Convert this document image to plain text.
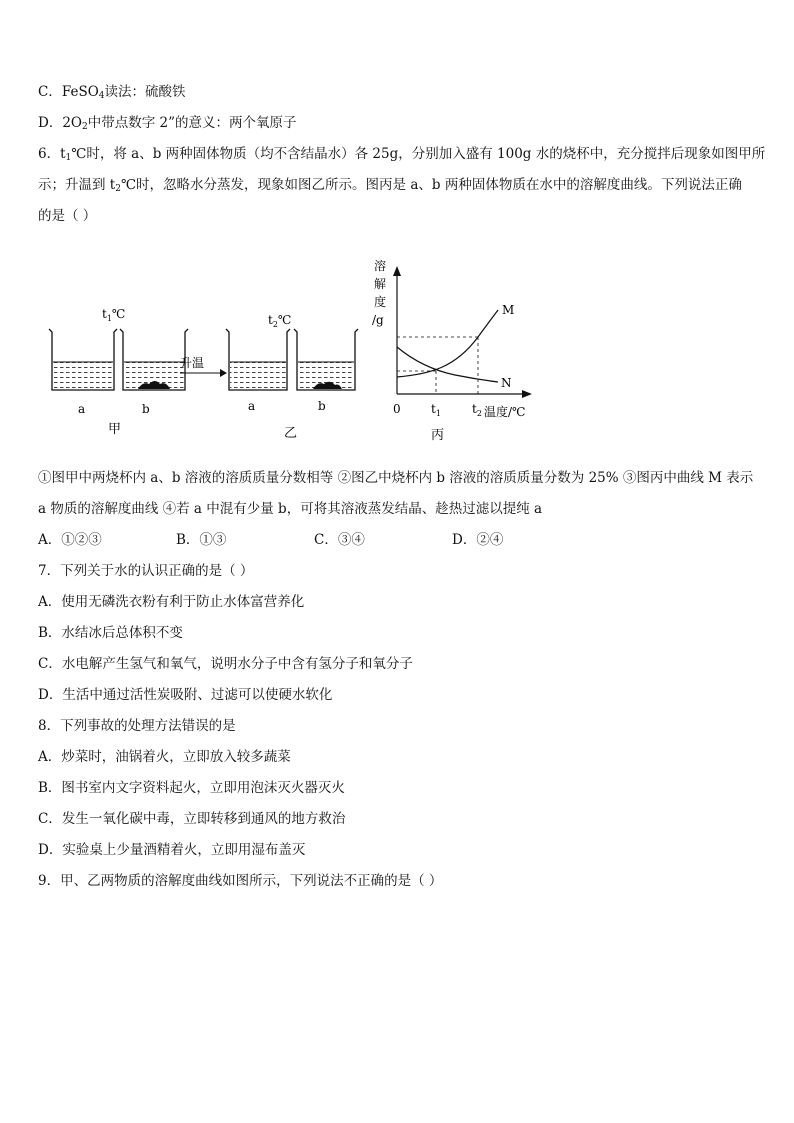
C．FeSO$_4$读法：硫酸铁
D．$2O_2$中带点数字 2”的意义：两个氧原子
6．$t_1℃$时，将 a、b 两种固体物质（均不含结晶水）各 25g，分别加入盛有 100g 水的烧杯中，充分搅拌后现象如图甲所
示；升温到 $t_2℃$时，忽略水分蒸发，现象如图乙所示。图丙是 a、b 两种固体物质在水中的溶解度曲线。下列说法正确
的是（ ）
$t_1℃$
a	b
甲
升温
$t_2℃$
a	b
乙
溶
解
度
/g
M
N
0	$t_1$	$t_2$ 温度/℃
丙
①图甲中两烧杯内 a、b 溶液的溶质质量分数相等 ②图乙中烧杯内 b 溶液的溶质质量分数为 25% ③图丙中曲线 M 表示
a 物质的溶解度曲线 ④若 a 中混有少量 b，可将其溶液蒸发结晶、趁热过滤以提纯 a
A．①②③	B．①③	C．③④	D．②④
7．下列关于水的认识正确的是（ ）
A．使用无磷洗衣粉有利于防止水体富营养化
B．水结冰后总体积不变
C．水电解产生氢气和氧气，说明水分子中含有氢分子和氧分子
D．生活中通过活性炭吸附、过滤可以使硬水软化
8．下列事故的处理方法错误的是
A．炒菜时，油锅着火，立即放入较多蔬菜
B．图书室内文字资料起火，立即用泡沫灭火器灭火
C．发生一氧化碳中毒，立即转移到通风的地方救治
D．实验桌上少量酒精着火，立即用湿布盖灭
9．甲、乙两物质的溶解度曲线如图所示，下列说法不正确的是（ ）
